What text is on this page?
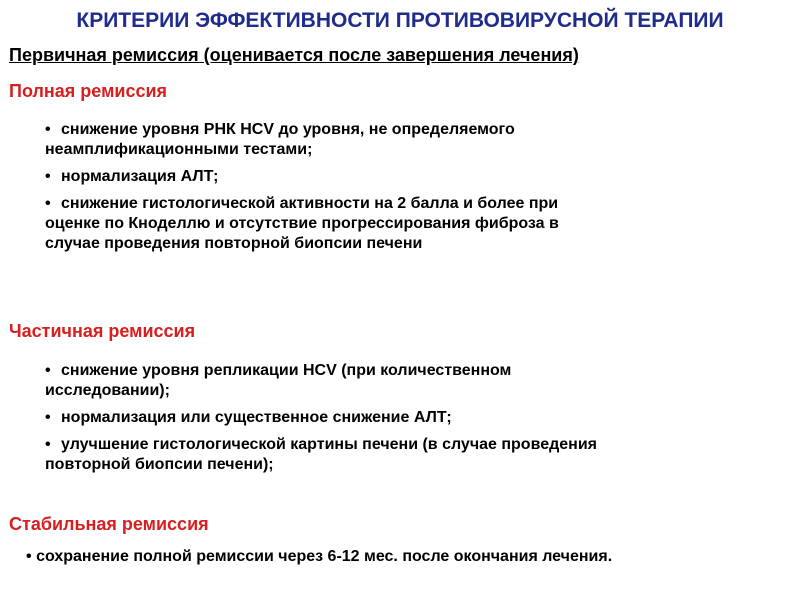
КРИТЕРИИ ЭФФЕКТИВНОСТИ ПРОТИВОВИРУСНОЙ ТЕРАПИИ
Первичная ремиссия (оценивается после завершения лечения)
Полная ремиссия
• снижение уровня РНК HCV до уровня, не определяемого
неамплификационными тестами;
• нормализация АЛТ;
• снижение гистологической активности на 2 балла и более при
оценке по Кноделлю и отсутствие прогрессирования фиброза в
случае проведения повторной биопсии печени
Частичная ремиссия
• снижение уровня репликации HCV (при количественном
исследовании);
• нормализация или существенное снижение АЛТ;
• улучшение гистологической картины печени (в случае проведения
повторной биопсии печени);
Стабильная ремиссия
• сохранение полной ремиссии через 6-12 мес. после окончания лечения.
